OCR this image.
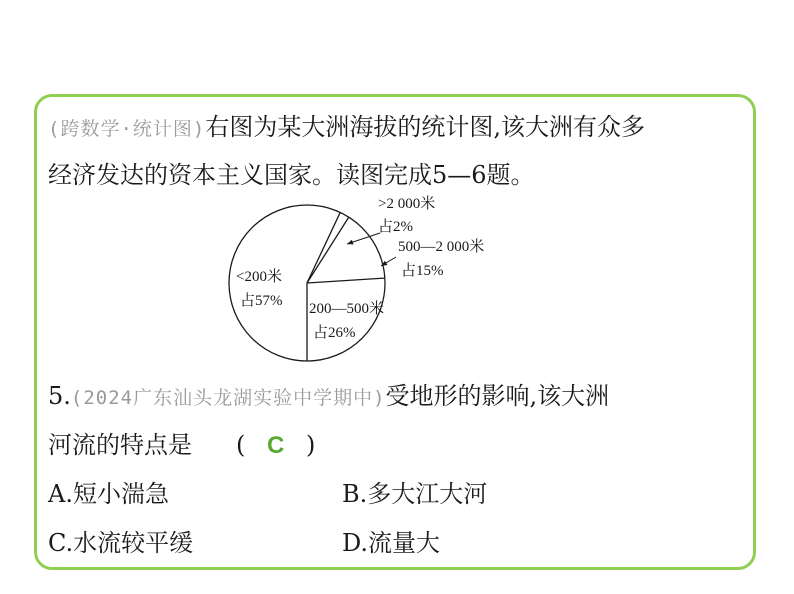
(跨数学·统计图)右图为某大洲海拔的统计图,该大洲有众多
经济发达的资本主义国家。读图完成5—6题。
<200米
占57%
>2 000米
占2%
500—2 000米
占15%
200—500米
占26%
5.(2024广东汕头龙湖实验中学期中)受地形的影响,该大洲
河流的特点是 ( C )
A.短小湍急	B.多大江大河
C.水流较平缓	D.流量大
